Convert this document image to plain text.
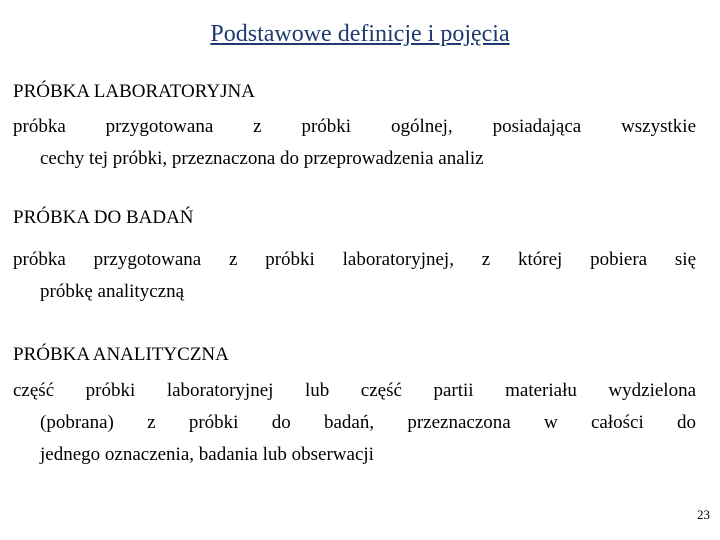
Podstawowe definicje i pojęcia
PRÓBKA LABORATORYJNA
próbka przygotowana z próbki ogólnej, posiadająca wszystkie
cechy tej próbki, przeznaczona do przeprowadzenia analiz
PRÓBKA DO BADAŃ
próbka przygotowana z próbki laboratoryjnej, z której pobiera się
próbkę analityczną
PRÓBKA ANALITYCZNA
część próbki laboratoryjnej lub część partii materiału wydzielona
(pobrana) z próbki do badań, przeznaczona w całości do
jednego oznaczenia, badania lub obserwacji
23
